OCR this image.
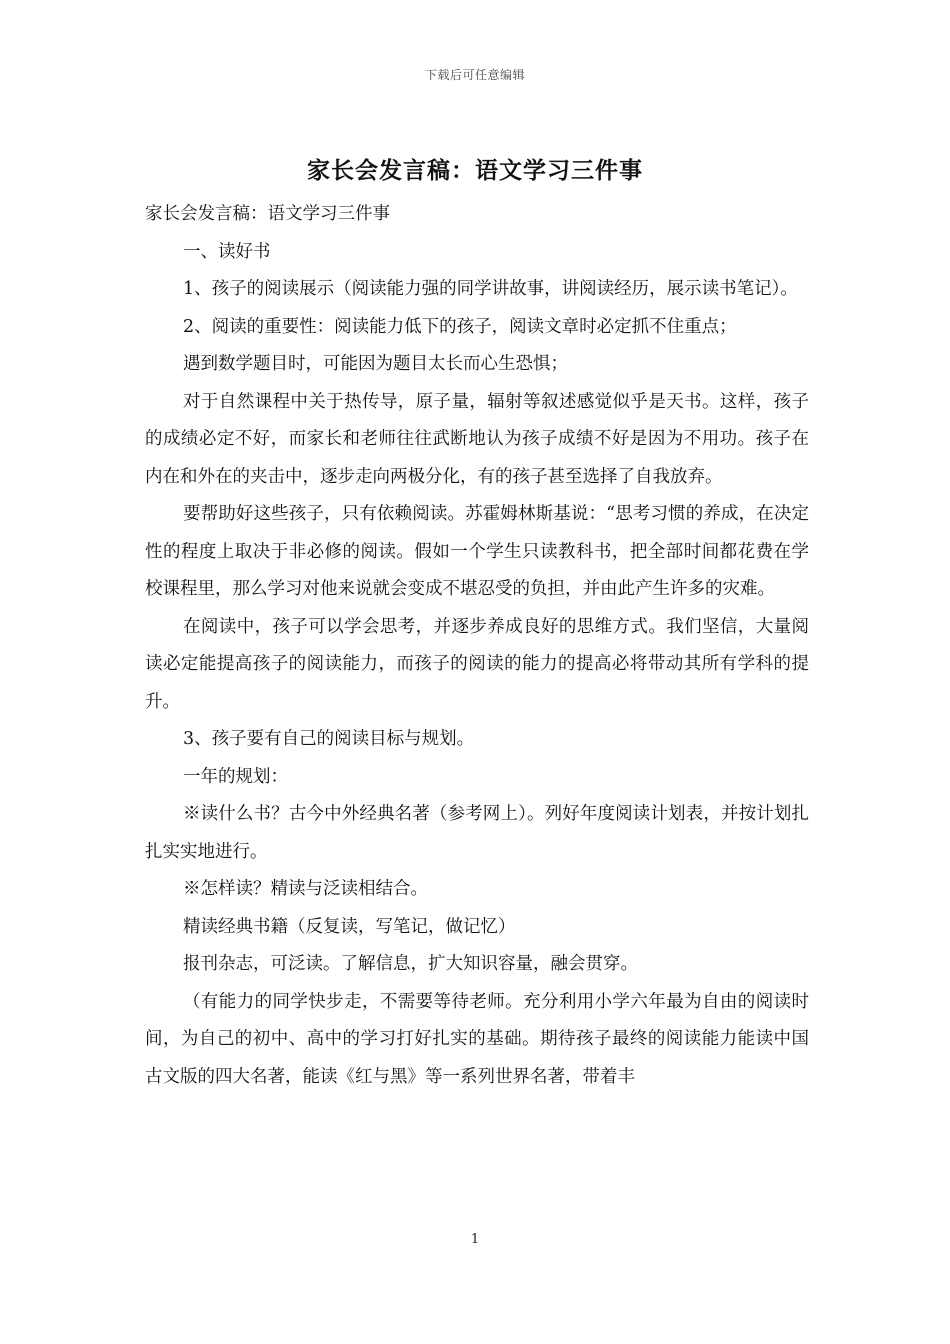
下载后可任意编辑
家长会发言稿：语文学习三件事

家长会发言稿：语文学习三件事

一、读好书

1、孩子的阅读展示（阅读能力强的同学讲故事，讲阅读经历，展示读书笔记）。

2、阅读的重要性：阅读能力低下的孩子，阅读文章时必定抓不住重点；

遇到数学题目时，可能因为题目太长而心生恐惧；

对于自然课程中关于热传导，原子量，辐射等叙述感觉似乎是天书。这样，孩子的成绩必定不好，而家长和老师往往武断地认为孩子成绩不好是因为不用功。孩子在内在和外在的夹击中，逐步走向两极分化，有的孩子甚至选择了自我放弃。

要帮助好这些孩子，只有依赖阅读。苏霍姆林斯基说：“思考习惯的养成，在决定性的程度上取决于非必修的阅读。假如一个学生只读教科书，把全部时间都花费在学校课程里，那么学习对他来说就会变成不堪忍受的负担，并由此产生许多的灾难。

在阅读中，孩子可以学会思考，并逐步养成良好的思维方式。我们坚信，大量阅读必定能提高孩子的阅读能力，而孩子的阅读的能力的提高必将带动其所有学科的提升。

3、孩子要有自己的阅读目标与规划。

一年的规划：

※读什么书？古今中外经典名著（参考网上）。列好年度阅读计划表，并按计划扎扎实实地进行。

※怎样读？精读与泛读相结合。

精读经典书籍（反复读，写笔记，做记忆）

报刊杂志，可泛读。了解信息，扩大知识容量，融会贯穿。

（有能力的同学快步走，不需要等待老师。充分利用小学六年最为自由的阅读时间，为自己的初中、高中的学习打好扎实的基础。期待孩子最终的阅读能力能读中国古文版的四大名著，能读《红与黑》等一系列世界名著，带着丰

1
